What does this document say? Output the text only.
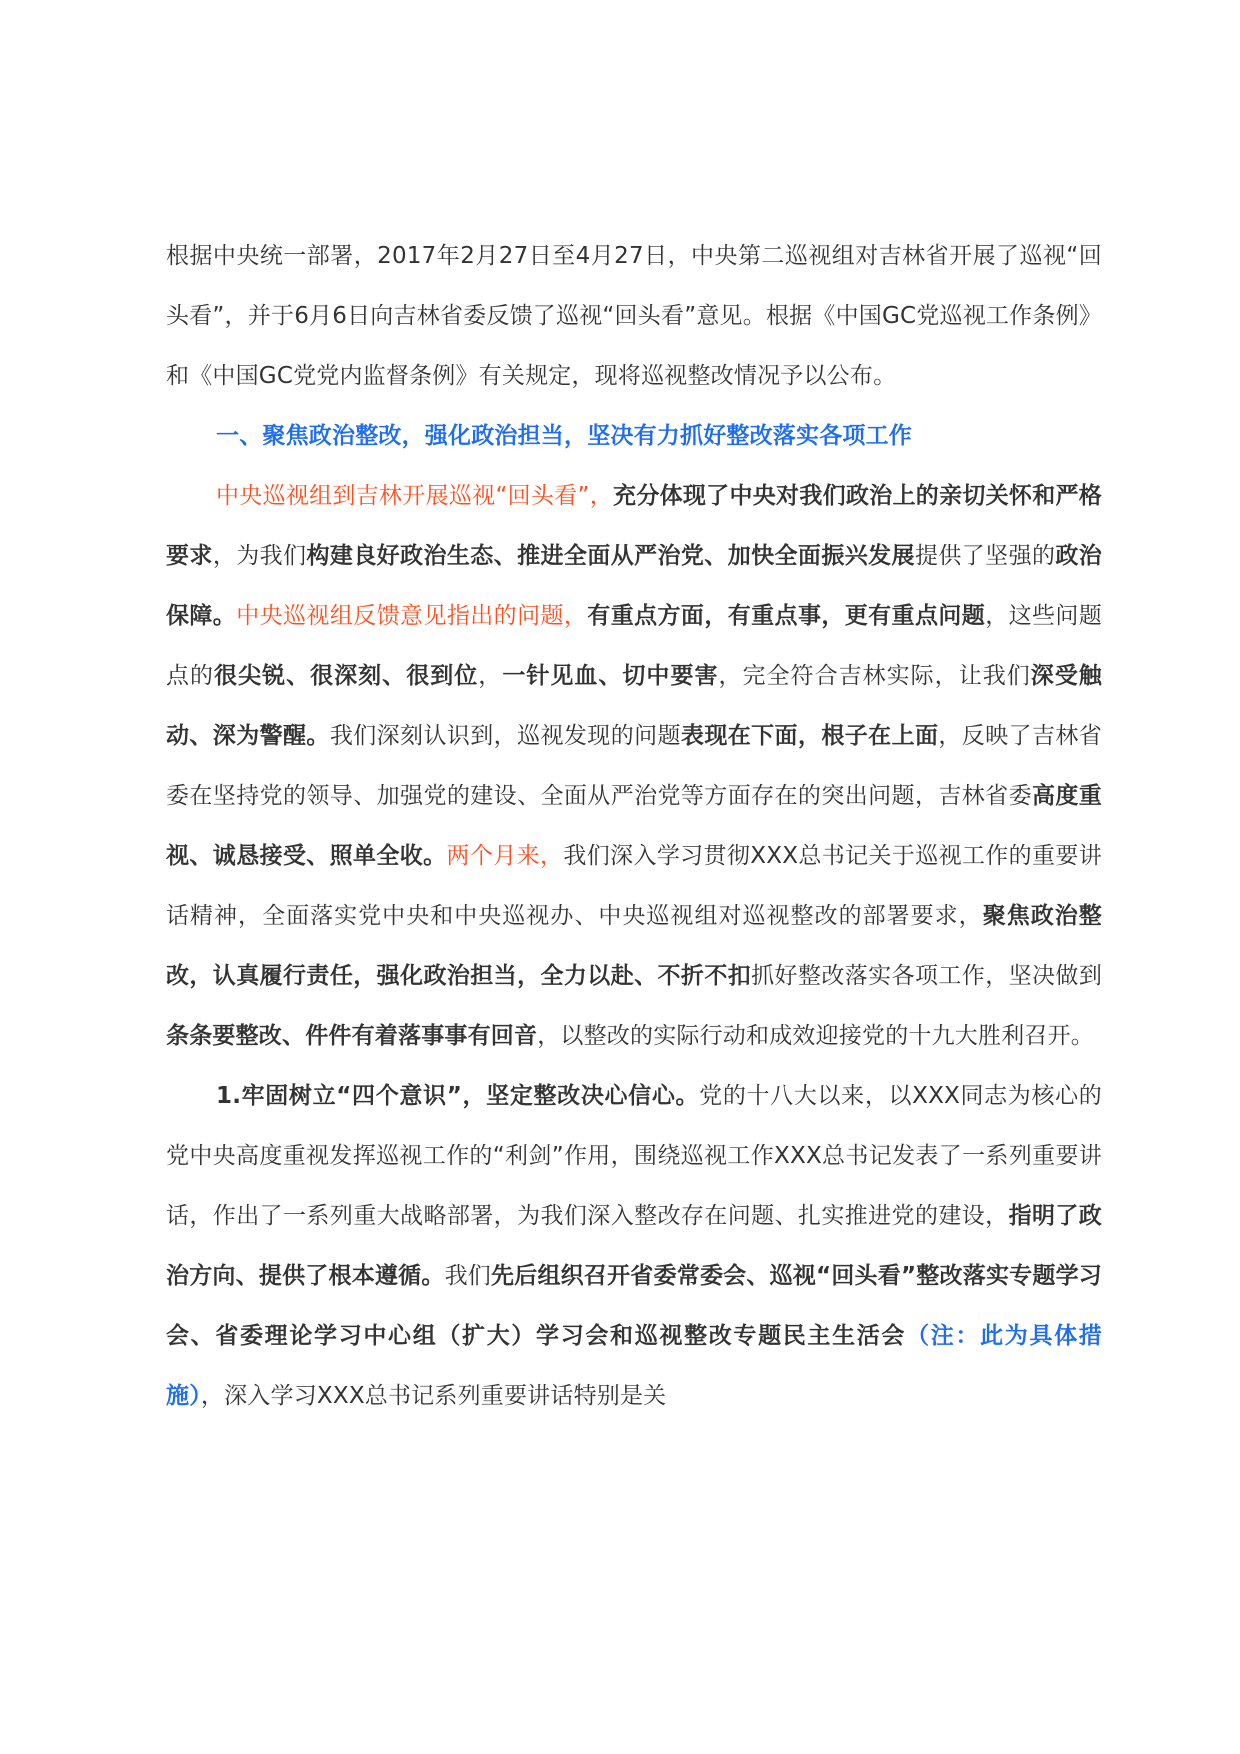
根据中央统一部署，2017年2月27日至4月27日，中央第二巡视组对吉林省开展了巡视“回头看”，并于6月6日向吉林省委反馈了巡视“回头看”意见。根据《中国GC党巡视工作条例》和《中国GC党党内监督条例》有关规定，现将巡视整改情况予以公布。

一、聚焦政治整改，强化政治担当，坚决有力抓好整改落实各项工作

中央巡视组到吉林开展巡视“回头看”，充分体现了中央对我们政治上的亲切关怀和严格要求，为我们构建良好政治生态、推进全面从严治党、加快全面振兴发展提供了坚强的政治保障。中央巡视组反馈意见指出的问题，有重点方面，有重点事，更有重点问题，这些问题点的很尖锐、很深刻、很到位，一针见血、切中要害，完全符合吉林实际，让我们深受触动、深为警醒。我们深刻认识到，巡视发现的问题表现在下面，根子在上面，反映了吉林省委在坚持党的领导、加强党的建设、全面从严治党等方面存在的突出问题，吉林省委高度重视、诚恳接受、照单全收。两个月来，我们深入学习贯彻XXX总书记关于巡视工作的重要讲话精神，全面落实党中央和中央巡视办、中央巡视组对巡视整改的部署要求，聚焦政治整改，认真履行责任，强化政治担当，全力以赴、不折不扣抓好整改落实各项工作，坚决做到条条要整改、件件有着落事事有回音，以整改的实际行动和成效迎接党的十九大胜利召开。

1.牢固树立“四个意识”，坚定整改决心信心。党的十八大以来，以XXX同志为核心的党中央高度重视发挥巡视工作的“利剑”作用，围绕巡视工作XXX总书记发表了一系列重要讲话，作出了一系列重大战略部署，为我们深入整改存在问题、扎实推进党的建设，指明了政治方向、提供了根本遵循。我们先后组织召开省委常委会、巡视“回头看”整改落实专题学习会、省委理论学习中心组（扩大）学习会和巡视整改专题民主生活会（注：此为具体措施），深入学习XXX总书记系列重要讲话特别是关
